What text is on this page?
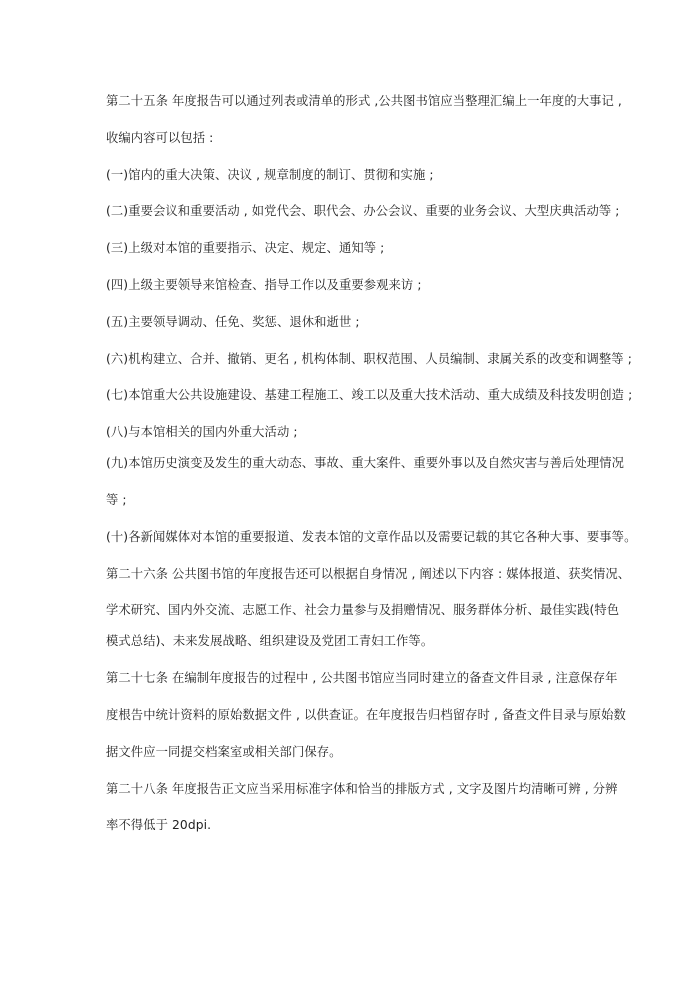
第二十五条 年度报告可以通过列表或清单的形式 ,公共图书馆应当整理汇编上一年度的大事记 ,
收编内容可以包括 :
(一)馆内的重大决策、决议 , 规章制度的制订、贯彻和实施 ;
(二)重要会议和重要活动 , 如党代会、职代会、办公会议、重要的业务会议、大型庆典活动等 ;
(三)上级对本馆的重要指示、决定、规定、通知等 ;
(四)上级主要领导来馆检查、指导工作以及重要参观来访 ;
(五)主要领导调动、任免、奖惩、退休和逝世 ;
(六)机构建立、合并、撤销、更名 , 机构体制、职权范围、人员编制、隶属关系的改变和调整等 ;
(七)本馆重大公共设施建设、基建工程施工、竣工以及重大技术活动、重大成绩及科技发明创造 ;
(八)与本馆相关的国内外重大活动 ;
(九)本馆历史演变及发生的重大动态、事故、重大案件、重要外事以及自然灾害与善后处理情况
等 ;
(十)各新闻媒体对本馆的重要报道、发表本馆的文章作品以及需要记载的其它各种大事、要事等。
第二十六条 公共图书馆的年度报告还可以根据自身情况 , 阐述以下内容 : 媒体报道、获奖情况、
学术研究、国内外交流、志愿工作、社会力量参与及捐赠情况、服务群体分析、最佳实践(特色
模式总结)、未来发展战略、组织建设及党团工青妇工作等。
第二十七条 在编制年度报告的过程中 , 公共图书馆应当同时建立的备查文件目录 , 注意保存年
度根告中统计资料的原始数据文件 , 以供查证。在年度报告归档留存时 , 备查文件目录与原始数
据文件应一同提交档案室或相关部门保存。
第二十八条 年度报告正文应当采用标准字体和恰当的排版方式 , 文字及图片均清晰可辨 , 分辨
率不得低于 20dpi.
